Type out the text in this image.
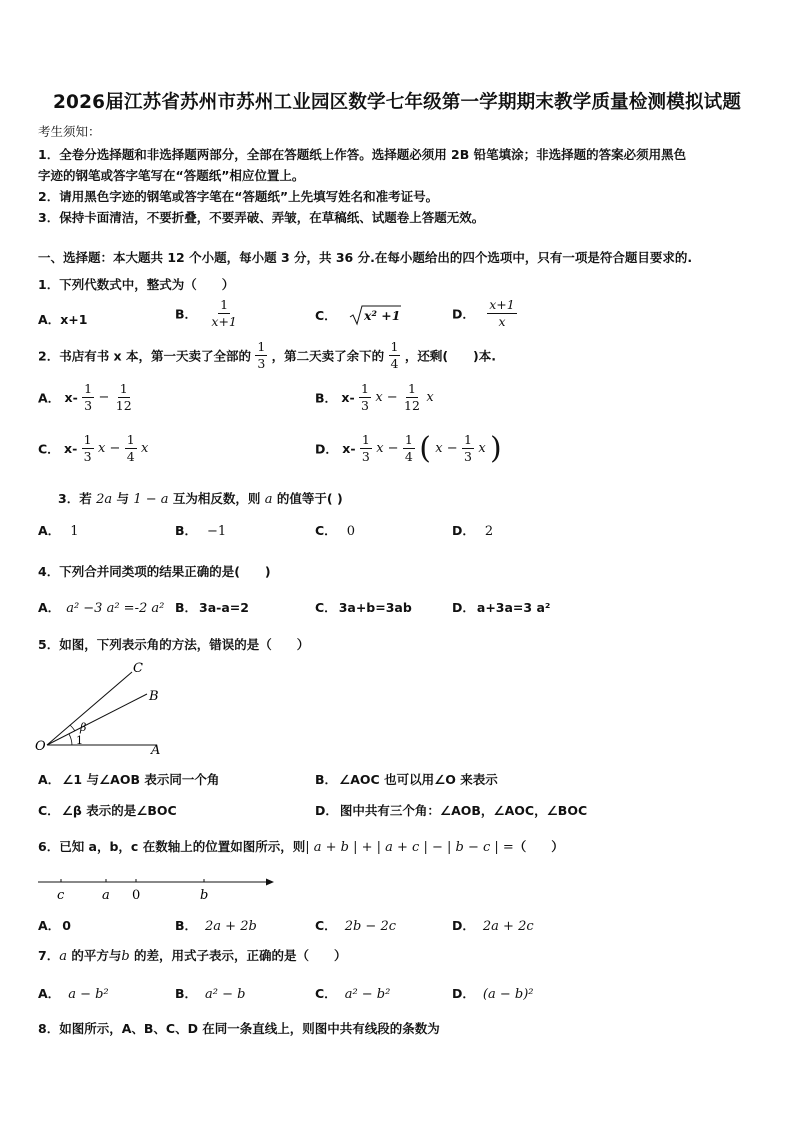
2026届江苏省苏州市苏州工业园区数学七年级第一学期期末教学质量检测模拟试题
考生须知：
1．全卷分选择题和非选择题两部分，全部在答题纸上作答。选择题必须用 2B 铅笔填涂；非选择题的答案必须用黑色
字迹的钢笔或答字笔写在“答题纸”相应位置上。
2．请用黑色字迹的钢笔或答字笔在“答题纸”上先填写姓名和准考证号。
3．保持卡面清洁，不要折叠，不要弄破、弄皱，在草稿纸、试题卷上答题无效。
一、选择题：本大题共 12 个小题，每小题 3 分，共 36 分.在每小题给出的四个选项中，只有一项是符合题目要求的.
1．下列代数式中，整式为（　　）
A．x+1	B． $\frac{1}{x+1}$	C． x² +1	D． $\frac{x+1}{x}$
2．书店有书 x 本，第一天卖了全部的 $\frac{1}{3}$ ，第二天卖了余下的 $\frac{1}{4}$ ，还剩(　　)本.
A． $x- \frac{1}{3} - \frac{1}{12}$	B． $x- \frac{1}{3}$ $x - \frac{1}{12}$ x
C． $x- \frac{1}{3}$ $x - \frac{1}{4}$ x	D． $x- \frac{1}{3}$ $x - \frac{1}{4}$ ( $x - \frac{1}{3}$ x )
3．若 2a 与 1 − a 互为相反数，则 a 的值等于( )
A． 1	B． −1	C． 0	D． 2
4．下列合并同类项的结果正确的是(　　)
A． a² −3 a² =-2 a² B． 3a-a=2	C． 3a+b=3ab	D． a+3a=3 a²
5．如图，下列表示角的方法，错误的是（　　）
O	A
B
C
β
1
A． ∠1 与∠AOB 表示同一个角	B． ∠AOC 也可以用∠O 来表示
C． ∠β 表示的是∠BOC	D． 图中共有三个角：∠AOB，∠AOC，∠BOC
6．已知 a，b，c 在数轴上的位置如图所示，则| a + b | + | a + c | − | b − c | =（　　）
c	a 0	b
A． 0	B． 2a + 2b	C． 2b − 2c	D． 2a + 2c
7．a 的平方与b 的差，用式子表示，正确的是（　　）
A． a − b²	B． a² − b	C． a² − b²	D． (a − b)²
8．如图所示，A、B、C、D 在同一条直线上，则图中共有线段的条数为
